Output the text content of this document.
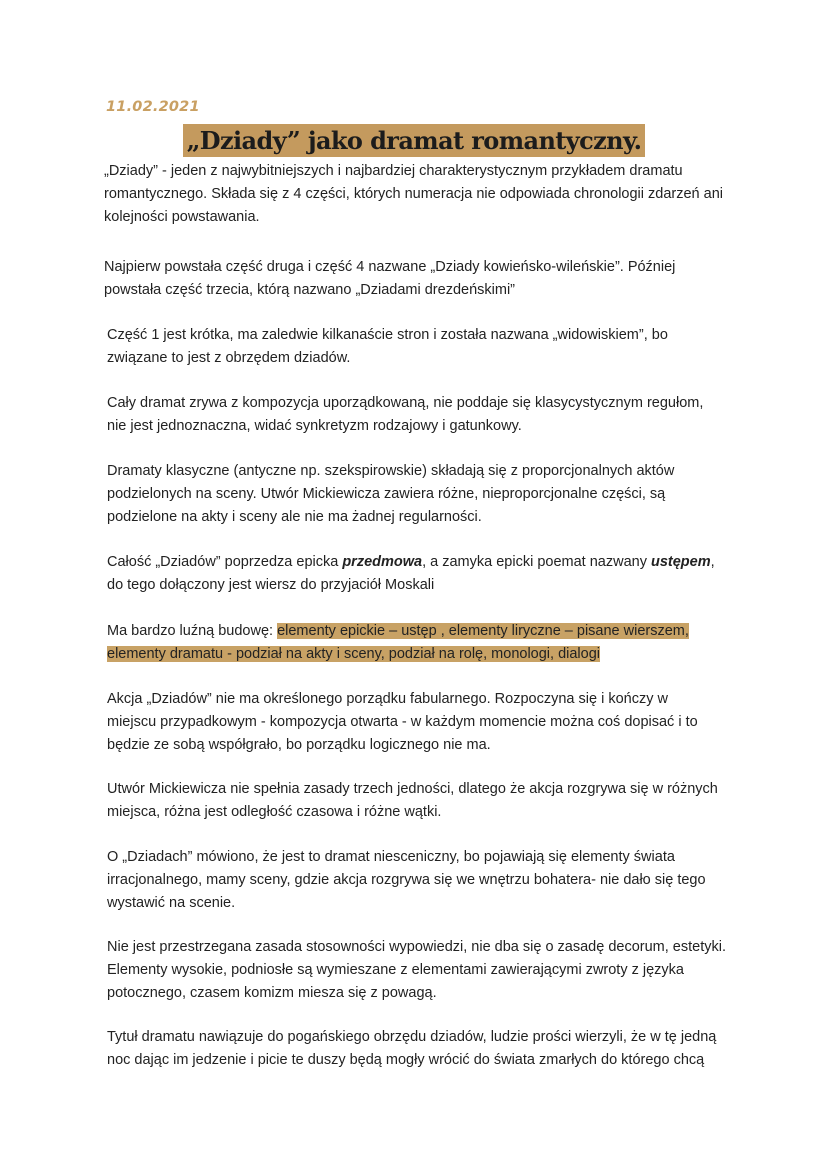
11.02.2021
„Dziady” jako dramat romantyczny.

„Dziady” - jeden z najwybitniejszych i najbardziej charakterystycznym przykładem dramatu romantycznego. Składa się z 4 części, których numeracja nie odpowiada chronologii zdarzeń ani kolejności powstawania.

Najpierw powstała część druga i część 4 nazwane „Dziady kowieńsko-wileńskie”. Później powstała część trzecia, którą nazwano „Dziadami drezdeńskimi”

Część 1 jest krótka, ma zaledwie kilkanaście stron i została nazwana „widowiskiem”, bo związane to jest z obrzędem dziadów.

Cały dramat zrywa z kompozycja uporządkowaną, nie poddaje się klasycystycznym regułom, nie jest jednoznaczna, widać synkretyzm rodzajowy i gatunkowy.

Dramaty klasyczne (antyczne np. szekspirowskie) składają się z proporcjonalnych aktów podzielonych na sceny. Utwór Mickiewicza zawiera różne, nieproporcjonalne części, są podzielone na akty i sceny ale nie ma żadnej regularności.

Całość „Dziadów” poprzedza epicka przedmowa, a zamyka epicki poemat nazwany ustępem, do tego dołączony jest wiersz do przyjaciół Moskali

Ma bardzo luźną budowę: elementy epickie – ustęp , elementy liryczne – pisane wierszem, elementy dramatu - podział na akty i sceny, podział na rolę, monologi, dialogi

Akcja „Dziadów” nie ma określonego porządku fabularnego. Rozpoczyna się i kończy w miejscu przypadkowym - kompozycja otwarta - w każdym momencie można coś dopisać i to będzie ze sobą współgrało, bo porządku logicznego nie ma.

Utwór Mickiewicza nie spełnia zasady trzech jedności, dlatego że akcja rozgrywa się w różnych miejsca, różna jest odległość czasowa i różne wątki.

O „Dziadach” mówiono, że jest to dramat niesceniczny, bo pojawiają się elementy świata irracjonalnego, mamy sceny, gdzie akcja rozgrywa się we wnętrzu bohatera- nie dało się tego wystawić na scenie.

Nie jest przestrzegana zasada stosowności wypowiedzi, nie dba się o zasadę decorum, estetyki. Elementy wysokie, podniosłe są wymieszane z elementami zawierającymi zwroty z języka potocznego, czasem komizm miesza się z powagą.

Tytuł dramatu nawiązuje do pogańskiego obrzędu dziadów, ludzie prości wierzyli, że w tę jedną noc dając im jedzenie i picie te duszy będą mogły wrócić do świata zmarłych do którego chcą
